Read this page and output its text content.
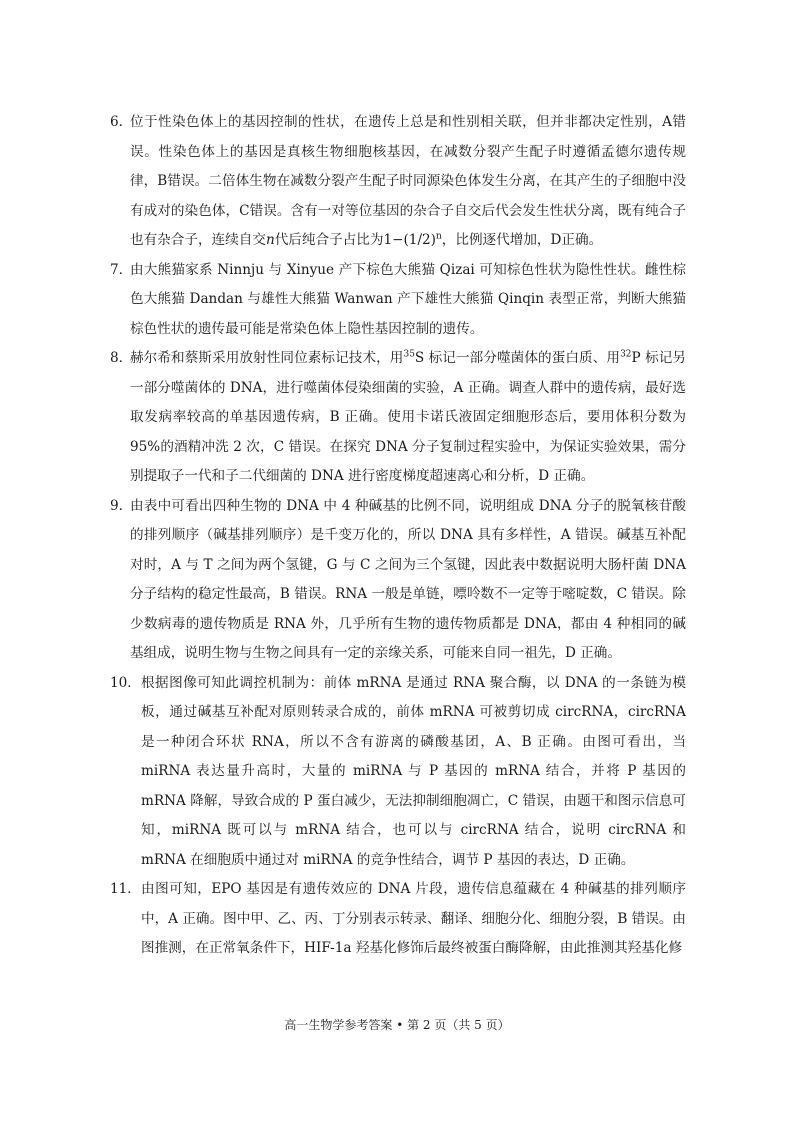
6．
位于性染色体上的基因控制的性状，在遗传上总是和性别相关联，但并非都决定性别，A错误。性染色体上的基因是真核生物细胞核基因，在减数分裂产生配子时遵循孟德尔遗传规律，B错误。二倍体生物在减数分裂产生配子时同源染色体发生分离，在其产生的子细胞中没有成对的染色体，C错误。含有一对等位基因的杂合子自交后代会发生性状分离，既有纯合子也有杂合子，连续自交n代后纯合子占比为$1-(1/2)^n$，比例逐代增加，D正确。
7．
由大熊猫家系 Ninnju 与 Xinyue 产下棕色大熊猫 Qizai 可知棕色性状为隐性性状。雌性棕色大熊猫 Dandan 与雄性大熊猫 Wanwan 产下雄性大熊猫 Qinqin 表型正常，判断大熊猫棕色性状的遗传最可能是常染色体上隐性基因控制的遗传。
8．
赫尔希和蔡斯采用放射性同位素标记技术，用$^{35}$S 标记一部分噬菌体的蛋白质、用$^{32}$P 标记另一部分噬菌体的 DNA，进行噬菌体侵染细菌的实验，A 正确。调查人群中的遗传病，最好选取发病率较高的单基因遗传病，B 正确。使用卡诺氏液固定细胞形态后，要用体积分数为 95%的酒精冲洗 2 次，C 错误。在探究 DNA 分子复制过程实验中，为保证实验效果，需分别提取子一代和子二代细菌的 DNA 进行密度梯度超速离心和分析，D 正确。
9．
由表中可看出四种生物的 DNA 中 4 种碱基的比例不同，说明组成 DNA 分子的脱氧核苷酸的排列顺序（碱基排列顺序）是千变万化的，所以 DNA 具有多样性，A 错误。碱基互补配对时，A 与 T 之间为两个氢键，G 与 C 之间为三个氢键，因此表中数据说明大肠杆菌 DNA 分子结构的稳定性最高，B 错误。RNA 一般是单链，嘌呤数不一定等于嘧啶数，C 错误。除少数病毒的遗传物质是 RNA 外，几乎所有生物的遗传物质都是 DNA，都由 4 种相同的碱基组成，说明生物与生物之间具有一定的亲缘关系，可能来自同一祖先，D 正确。
10． 根据图像可知此调控机制为：前体 mRNA 是通过 RNA 聚合酶，以 DNA 的一条链为模板，通过碱基互补配对原则转录合成的，前体 mRNA 可被剪切成 circRNA，circRNA 是一种闭合环状 RNA，所以不含有游离的磷酸基团，A、B 正确。由图可看出，当 miRNA 表达量升高时，大量的 miRNA 与 P 基因的 mRNA 结合，并将 P 基因的 mRNA 降解，导致合成的 P 蛋白减少，无法抑制细胞凋亡，C 错误，由题干和图示信息可知，miRNA 既可以与 mRNA 结合，也可以与 circRNA 结合，说明 circRNA 和 mRNA 在细胞质中通过对 miRNA 的竞争性结合，调节 P 基因的表达，D 正确。
11． 由图可知，EPO 基因是有遗传效应的 DNA 片段，遗传信息蕴藏在 4 种碱基的排列顺序中，A 正确。图中甲、乙、丙、丁分别表示转录、翻译、细胞分化、细胞分裂，B 错误。由图推测，在正常氧条件下，HIF-1a 羟基化修饰后最终被蛋白酶降解，由此推测其羟基化修
高一生物学参考答案 • 第 2 页（共 5 页）
